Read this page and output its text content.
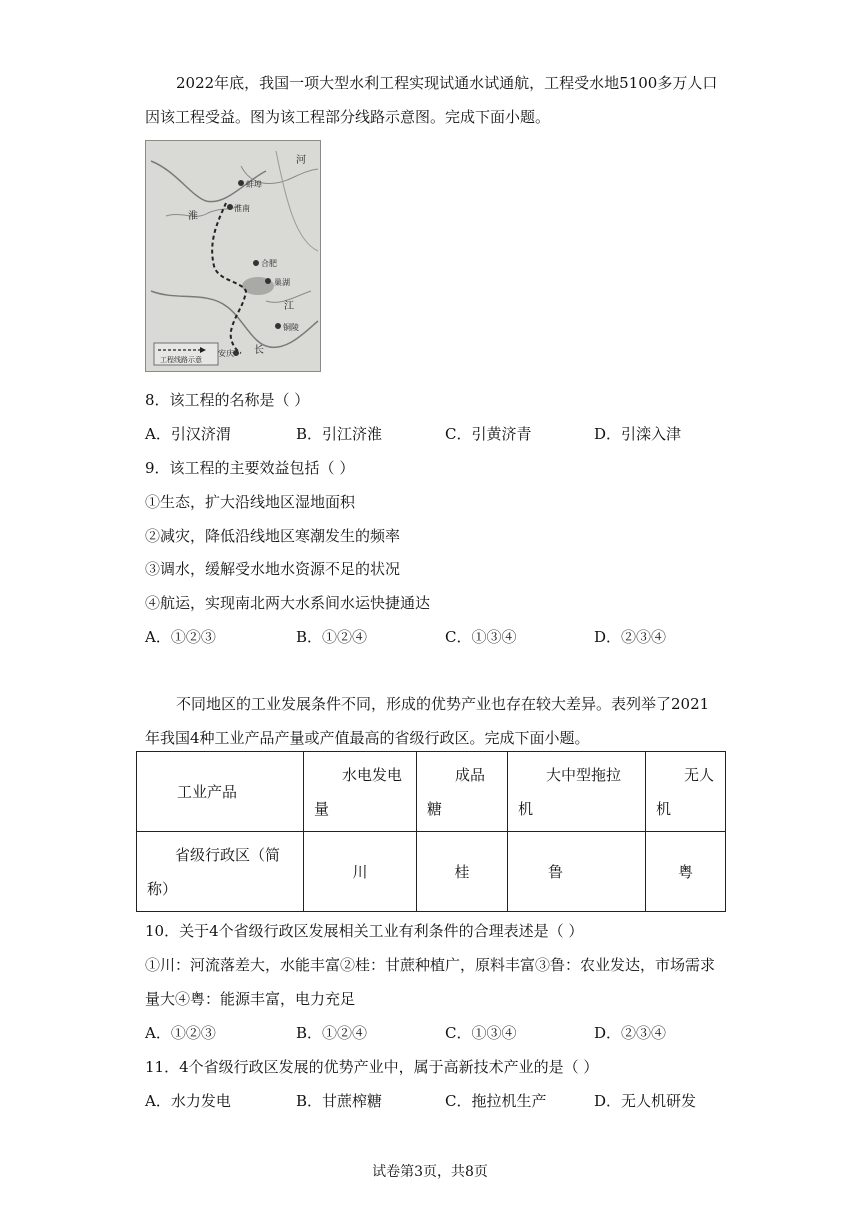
2022年底，我国一项大型水利工程实现试通水试通航，工程受水地5100多万人口
因该工程受益。图为该工程部分线路示意图。完成下面小题。
蚌埠
淮南
淮
合肥
巢湖
江
铜陵
安庆 长
河
工程线路示意
8．该工程的名称是（ ）
A．引汉济渭	B．引江济淮	C．引黄济青	D．引滦入津
9．该工程的主要效益包括（ ）
①生态，扩大沿线地区湿地面积
②减灾，降低沿线地区寒潮发生的频率
③调水，缓解受水地水资源不足的状况
④航运，实现南北两大水系间水运快捷通达
A．①②③	B．①②④	C．①③④	D．②③④
不同地区的工业发展条件不同，形成的优势产业也存在较大差异。表列举了2021
年我国4种工业产品产量或产值最高的省级行政区。完成下面小题。
工业产品	水电发电量	成品糖	大中型拖拉机	无人机
省级行政区（简称）	川	桂	鲁	粤
10．关于4个省级行政区发展相关工业有利条件的合理表述是（ ）
①川：河流落差大，水能丰富②桂：甘蔗种植广，原料丰富③鲁：农业发达，市场需求
量大④粤：能源丰富，电力充足
A．①②③	B．①②④	C．①③④	D．②③④
11．4个省级行政区发展的优势产业中，属于高新技术产业的是（ ）
A．水力发电	B．甘蔗榨糖	C．拖拉机生产	D．无人机研发
试卷第3页，共8页
